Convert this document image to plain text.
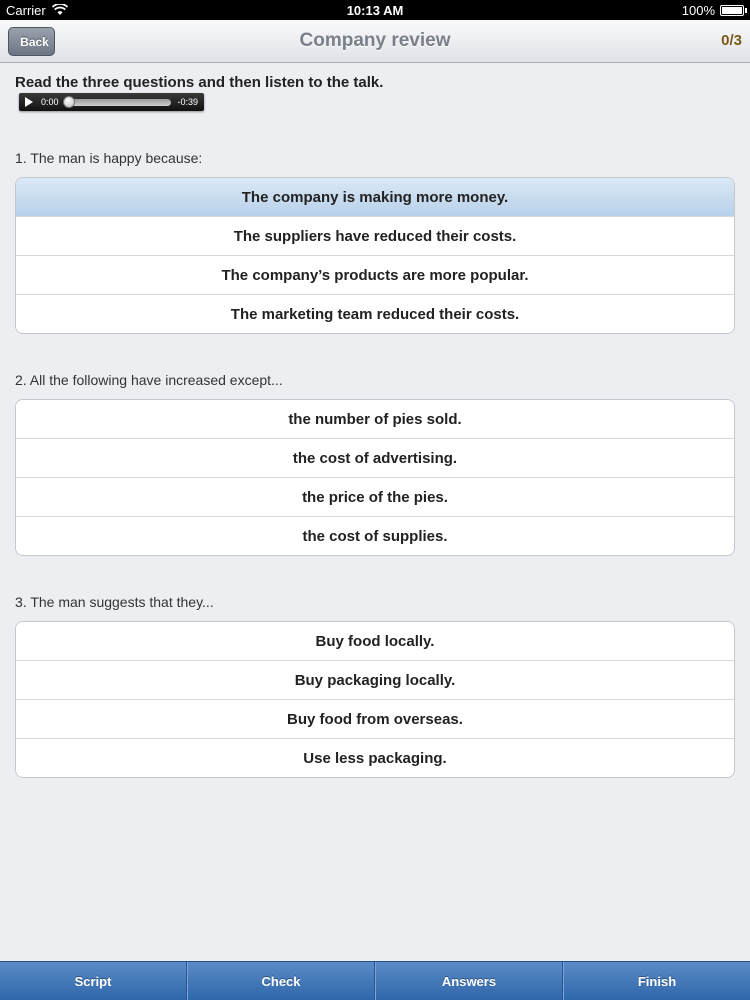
Carrier	10:13 AM	100%
Back	Company review	0/3
Read the three questions and then listen to the talk.
0:00	-0:39
1. The man is happy because:
The company is making more money.
The suppliers have reduced their costs.
The company’s products are more popular.
The marketing team reduced their costs.
2. All the following have increased except...
the number of pies sold.
the cost of advertising.
the price of the pies.
the cost of supplies.
3. The man suggests that they...
Buy food locally.
Buy packaging locally.
Buy food from overseas.
Use less packaging.
Script	Check	Answers	Finish
